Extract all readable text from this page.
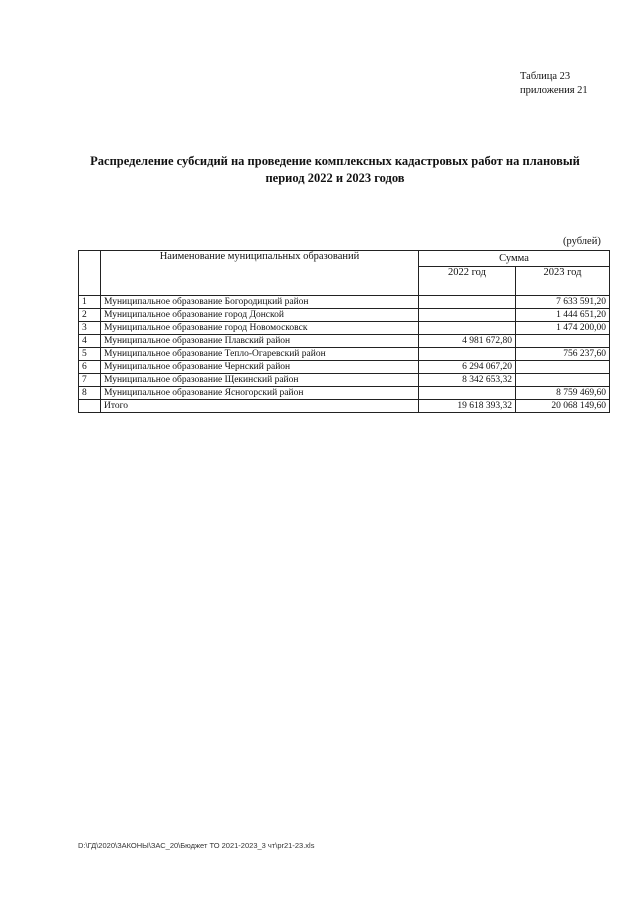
Таблица 23
приложения 21
Распределение субсидий на проведение комплексных кадастровых работ на плановый
период 2022 и 2023 годов
(рублей)
	Наименование муниципальных образований	Сумма	
		2022 год	2023 год
1	Муниципальное образование Богородицкий район		7 633 591,20
2	Муниципальное образование город Донской		1 444 651,20
3	Муниципальное образование город Новомосковск		1 474 200,00
4	Муниципальное образование Плавский район	4 981 672,80	
5	Муниципальное образование Тепло-Огаревский район		756 237,60
6	Муниципальное образование Чернский район	6 294 067,20	
7	Муниципальное образование Щекинский район	8 342 653,32	
8	Муниципальное образование Ясногорский район		8 759 469,60
	Итого	19 618 393,32	20 068 149,60
D:\ГД\2020\ЗАКОНЫ\ЗАС_20\Бюджет ТО 2021-2023_3 чт\pr21-23.xls
